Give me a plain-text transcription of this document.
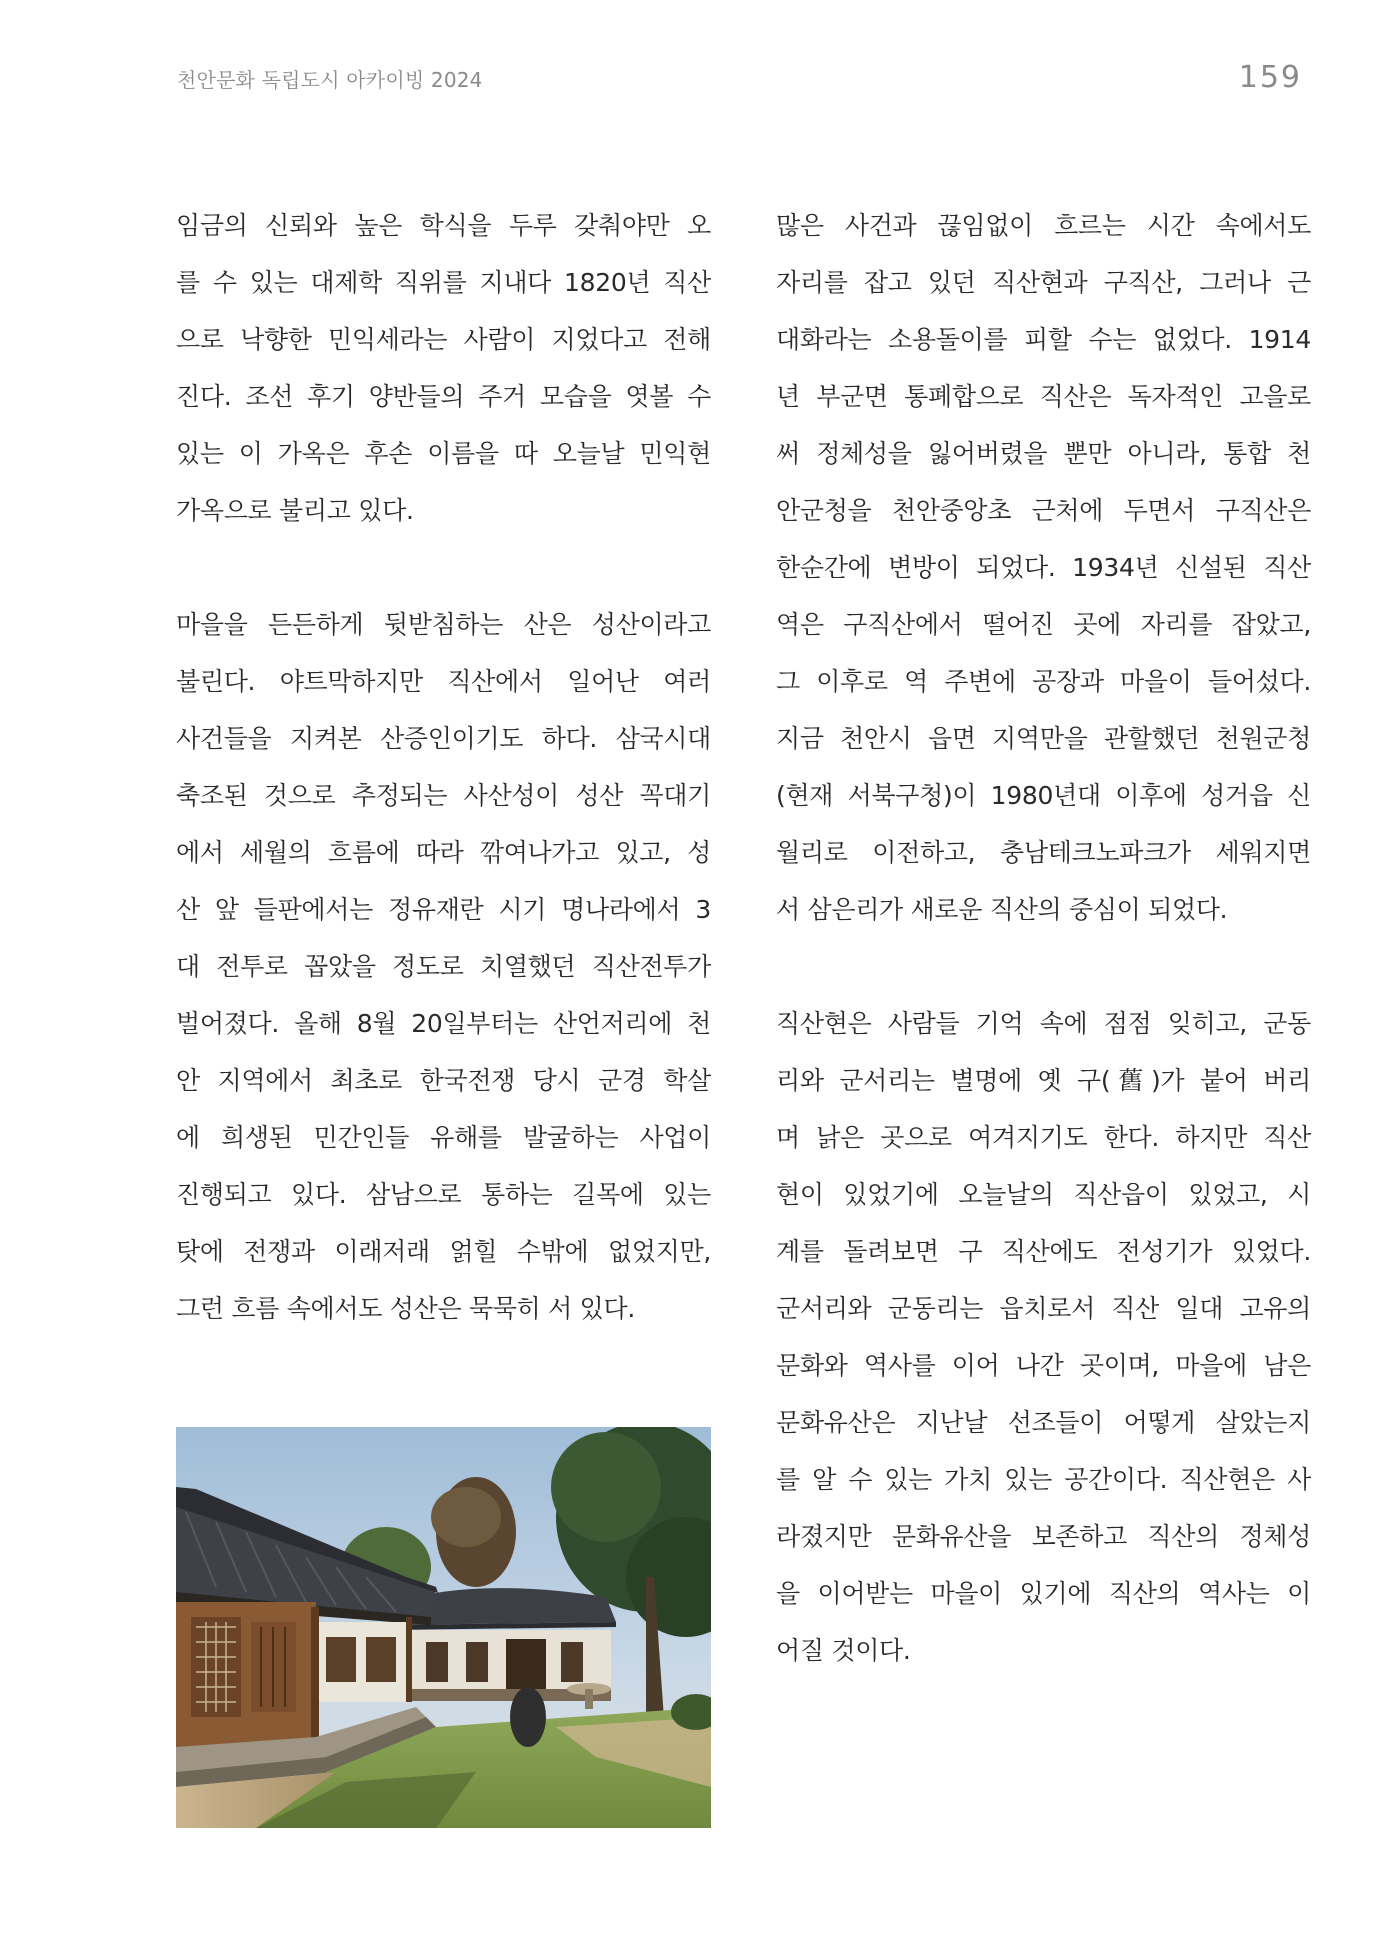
천안문화 독립도시 아카이빙 2024	159
임금의 신뢰와 높은 학식을 두루 갖춰야만 오
를 수 있는 대제학 직위를 지내다 1820년 직산
으로 낙향한 민익세라는 사람이 지었다고 전해
진다. 조선 후기 양반들의 주거 모습을 엿볼 수
있는 이 가옥은 후손 이름을 따 오늘날 민익현
가옥으로 불리고 있다.
마을을 든든하게 뒷받침하는 산은 성산이라고
불린다. 야트막하지만 직산에서 일어난 여러
사건들을 지켜본 산증인이기도 하다. 삼국시대
축조된 것으로 추정되는 사산성이 성산 꼭대기
에서 세월의 흐름에 따라 깎여나가고 있고, 성
산 앞 들판에서는 정유재란 시기 명나라에서 3
대 전투로 꼽았을 정도로 치열했던 직산전투가
벌어졌다. 올해 8월 20일부터는 산언저리에 천
안 지역에서 최초로 한국전쟁 당시 군경 학살
에 희생된 민간인들 유해를 발굴하는 사업이
진행되고 있다. 삼남으로 통하는 길목에 있는
탓에 전쟁과 이래저래 얽힐 수밖에 없었지만,
그런 흐름 속에서도 성산은 묵묵히 서 있다.
많은 사건과 끊임없이 흐르는 시간 속에서도
자리를 잡고 있던 직산현과 구직산, 그러나 근
대화라는 소용돌이를 피할 수는 없었다. 1914
년 부군면 통폐합으로 직산은 독자적인 고을로
써 정체성을 잃어버렸을 뿐만 아니라, 통합 천
안군청을 천안중앙초 근처에 두면서 구직산은
한순간에 변방이 되었다. 1934년 신설된 직산
역은 구직산에서 떨어진 곳에 자리를 잡았고,
그 이후로 역 주변에 공장과 마을이 들어섰다.
지금 천안시 읍면 지역만을 관할했던 천원군청
(현재 서북구청)이 1980년대 이후에 성거읍 신
월리로 이전하고, 충남테크노파크가 세워지면
서 삼은리가 새로운 직산의 중심이 되었다.
직산현은 사람들 기억 속에 점점 잊히고, 군동
리와 군서리는 별명에 옛 구(舊)가 붙어 버리
며 낡은 곳으로 여겨지기도 한다. 하지만 직산
현이 있었기에 오늘날의 직산읍이 있었고, 시
계를 돌려보면 구 직산에도 전성기가 있었다.
군서리와 군동리는 읍치로서 직산 일대 고유의
문화와 역사를 이어 나간 곳이며, 마을에 남은
문화유산은 지난날 선조들이 어떻게 살았는지
를 알 수 있는 가치 있는 공간이다. 직산현은 사
라졌지만 문화유산을 보존하고 직산의 정체성
을 이어받는 마을이 있기에 직산의 역사는 이
어질 것이다.
